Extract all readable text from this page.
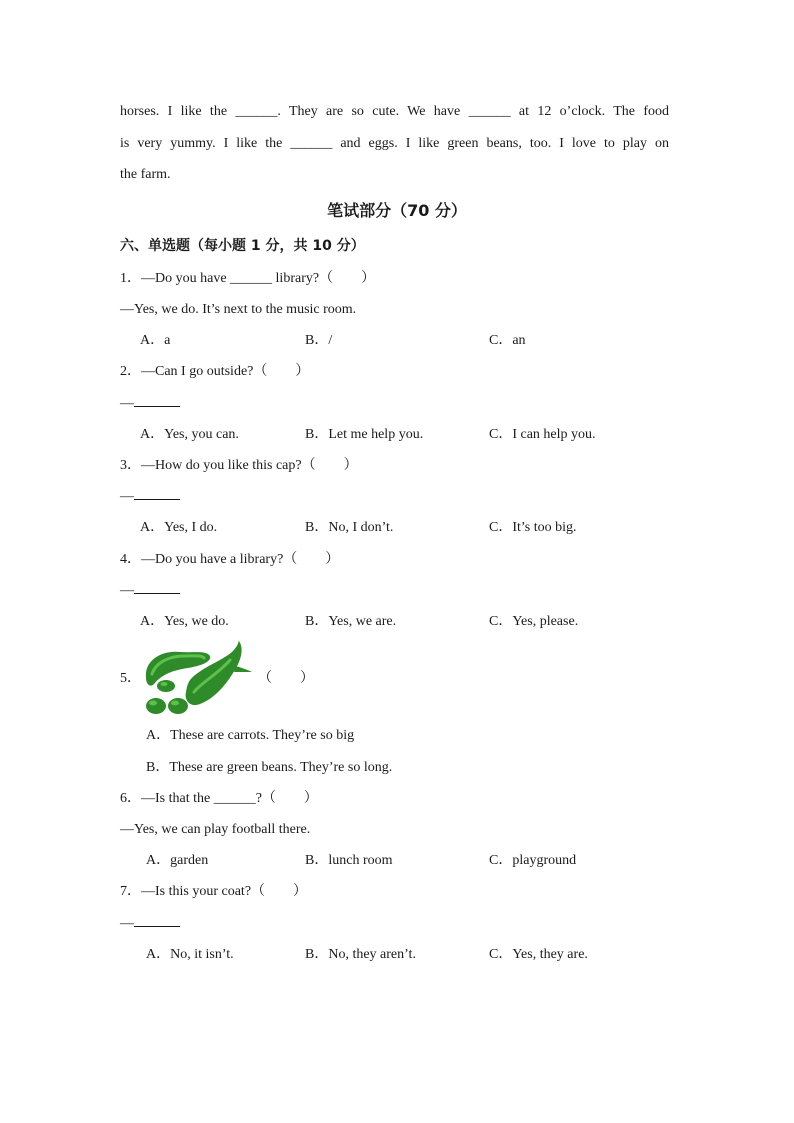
horses. I like the ______. They are so cute. We have ______ at 12 o’clock. The food
is very yummy. I like the ______ and eggs. I like green beans, too. I love to play on
the farm.
笔试部分（70 分）
六、单选题（每小题 1 分，共 10 分）
1．—Do you have ______ library?（　　）
—Yes, we do. It’s next to the music room.
A．a	B．/	C．an
2．—Can I go outside?（　　）
—
A．Yes, you can.	B．Let me help you.	C．I can help you.
3．—How do you like this cap?（　　）
—
A．Yes, I do.	B．No, I don’t.	C．It’s too big.
4．—Do you have a library?（　　）
—
A．Yes, we do.	B．Yes, we are.	C．Yes, please.
5．	（　　）
A．These are carrots. They’re so big
B．These are green beans. They’re so long.
6．—Is that the ______?（　　）
—Yes, we can play football there.
A．garden	B．lunch room	C．playground
7．—Is this your coat?（　　）
—
A．No, it isn’t.	B．No, they aren’t.	C．Yes, they are.
